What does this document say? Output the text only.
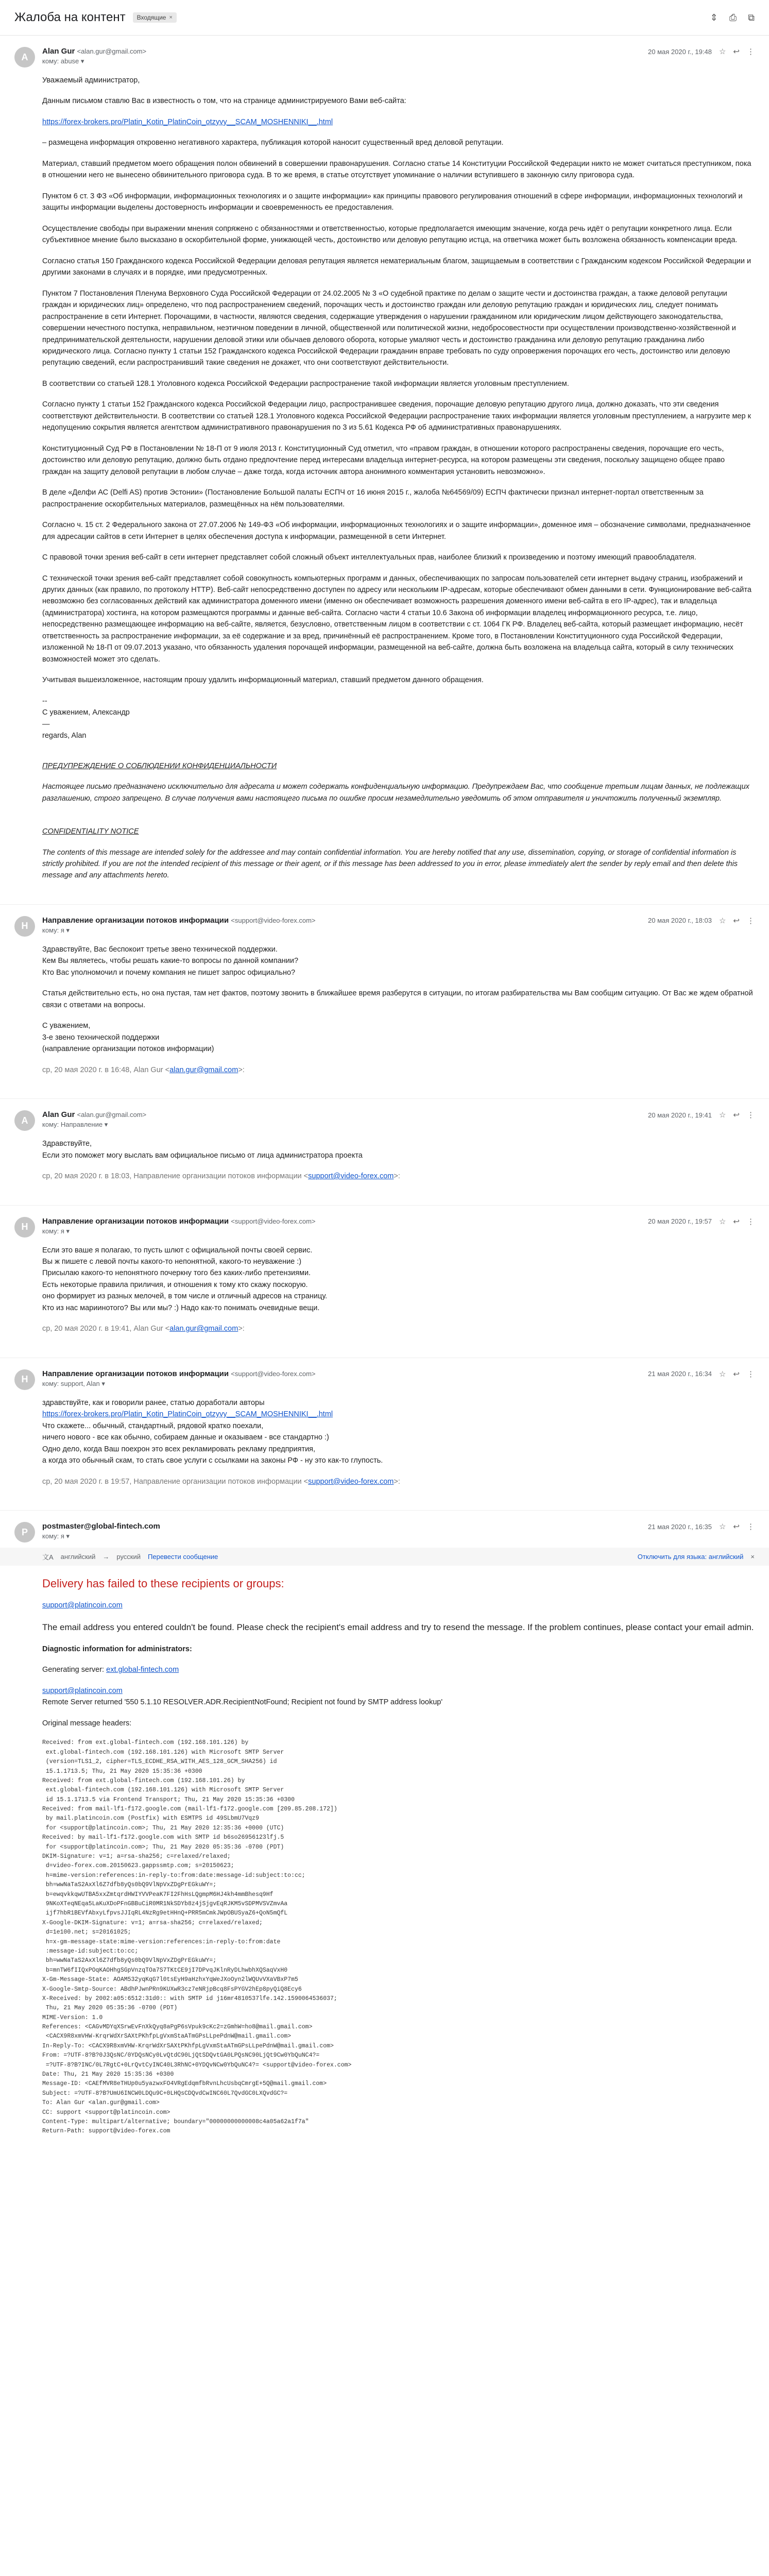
Жалоба на контент Входящие ×	⇕ ⎙ ⧉
A
Alan Gur <alan.gur@gmail.com>
кому: abuse ▾
20 мая 2020 г., 19:48 ☆ ↩ ⋮

Уважаемый администратор,

Данным письмом ставлю Вас в известность о том, что на странице администрируемого Вами веб-сайта:

https://forex-brokers.pro/Platin_Kotin_PlatinCoin_otzyvy__SCAM_MOSHENNIKI__.html

– размещена информация откровенно негативного характера, публикация которой наносит существенный вред деловой репутации.

Материал, ставший предметом моего обращения полон обвинений в совершении правонарушения. Согласно статье 14 Конституции Российской Федерации никто не может считаться преступником, пока в отношении него не вынесено обвинительного приговора суда. В то же время, в статье отсутствует упоминание о наличии вступившего в законную силу приговора суда.

Пунктом 6 ст. 3 ФЗ «Об информации, информационных технологиях и о защите информации» как принципы правового регулирования отношений в сфере информации, информационных технологий и защиты информации выделены достоверность информации и своевременность ее предоставления.

Осуществление свободы при выражении мнения сопряжено с обязанностями и ответственностью, которые предполагается имеющим значение, когда речь идёт о репутации конкретного лица. Если субъективное мнение было высказано в оскорбительной форме, унижающей честь, достоинство или деловую репутацию истца, на ответчика может быть возложена обязанность компенсации вреда.

Согласно статья 150 Гражданского кодекса Российской Федерации деловая репутация является нематериальным благом, защищаемым в соответствии с Гражданским кодексом Российской Федерации и другими законами в случаях и в порядке, ими предусмотренных.

Пунктом 7 Постановления Пленума Верховного Суда Российской Федерации от 24.02.2005 № 3 «О судебной практике по делам о защите чести и достоинства граждан, а также деловой репутации граждан и юридических лиц» определено, что под распространением сведений, порочащих честь и достоинство граждан или деловую репутацию граждан и юридических лиц, следует понимать распространение в сети Интернет. Порочащими, в частности, являются сведения, содержащие утверждения о нарушении гражданином или юридическим лицом действующего законодательства, совершении нечестного поступка, неправильном, неэтичном поведении в личной, общественной или политической жизни, недобросовестности при осуществлении производственно-хозяйственной и предпринимательской деятельности, нарушении деловой этики или обычаев делового оборота, которые умаляют честь и достоинство гражданина или деловую репутацию гражданина либо юридического лица. Согласно пункту 1 статьи 152 Гражданского кодекса Российской Федерации гражданин вправе требовать по суду опровержения порочащих его честь, достоинство или деловую репутацию сведений, если распространивший такие сведения не докажет, что они соответствуют действительности.

В соответствии со статьей 128.1 Уголовного кодекса Российской Федерации распространение такой информации является уголовным преступлением.

Согласно пункту 1 статьи 152 Гражданского кодекса Российской Федерации лицо, распространившее сведения, порочащие деловую репутацию другого лица, должно доказать, что эти сведения соответствуют действительности. В соответствии со статьей 128.1 Уголовного кодекса Российской Федерации распространение таких информации является уголовным преступлением, а нагрузите мер к недопущению сокрытия является агентством административного правонарушения по 3 из 5.61 Кодекса РФ об административных правонарушениях.

Конституционный Суд РФ в Постановлении № 18-П от 9 июля 2013 г. Конституционный Суд отметил, что «правом граждан, в отношении которого распространены сведения, порочащие его честь, достоинство или деловую репутацию, должно быть отдано предпочтение перед интересами владельца интернет-ресурса, на котором размещены эти сведения, поскольку защищено общее право граждан на защиту деловой репутации в любом случае – даже тогда, когда источник автора анонимного комментария установить невозможно».

В деле «Делфи АС (Delfi AS) против Эстонии» (Постановление Большой палаты ЕСПЧ от 16 июня 2015 г., жалоба №64569/09) ЕСПЧ фактически признал интернет-портал ответственным за распространение оскорбительных материалов, размещённых на нём пользователями.

Согласно ч. 15 ст. 2 Федерального закона от 27.07.2006 № 149-ФЗ «Об информации, информационных технологиях и о защите информации», доменное имя – обозначение символами, предназначенное для адресации сайтов в сети Интернет в целях обеспечения доступа к информации, размещенной в сети Интернет.

С правовой точки зрения веб-сайт в сети интернет представляет собой сложный объект интеллектуальных прав, наиболее близкий к произведению и поэтому имеющий правообладателя.

С технической точки зрения веб-сайт представляет собой совокупность компьютерных программ и данных, обеспечивающих по запросам пользователей сети интернет выдачу страниц, изображений и других данных (как правило, по протоколу HTTP). Веб-сайт непосредственно доступен по адресу или нескольким IP-адресам, которые обеспечивают обмен данными в сети. Функционирование веб-сайта невозможно без согласованных действий как администратора доменного имени (именно он обеспечивает возможность разрешения доменного имени веб-сайта в его IP-адрес), так и владельца (администратора) хостинга, на котором размещаются программы и данные веб-сайта. Согласно части 4 статьи 10.6 Закона об информации владелец информационного ресурса, т.е. лицо, непосредственно размещающее информацию на веб-сайте, является, безусловно, ответственным лицом в соответствии с ст. 1064 ГК РФ. Владелец веб-сайта, который размещает информацию, несёт ответственность за распространение информации, за её содержание и за вред, причинённый её распространением. Кроме того, в Постановлении Конституционного суда Российской Федерации, изложенной № 18-П от 09.07.2013 указано, что обязанность удаления порочащей информации, размещенной на веб-сайте, должна быть возложена на владельца сайта, который в силу технических возможностей может это сделать.

Учитывая вышеизложенное, настоящим прошу удалить информационный материал, ставший предметом данного обращения.

--
С уважением, Александр
—

regards, Alan

ПРЕДУПРЕЖДЕНИЕ О СОБЛЮДЕНИИ КОНФИДЕНЦИАЛЬНОСТИ

Настоящее письмо предназначено исключительно для адресата и может содержать конфиденциальную информацию. Предупреждаем Вас, что сообщение третьим лицам данных, не подлежащих разглашению, строго запрещено. В случае получения вами настоящего письма по ошибке просим незамедлительно уведомить об этом отправителя и уничтожить полученный экземпляр.

CONFIDENTIALITY NOTICE

The contents of this message are intended solely for the addressee and may contain confidential information. You are hereby notified that any use, dissemination, copying, or storage of confidential information is strictly prohibited. If you are not the intended recipient of this message or their agent, or if this message has been addressed to you in error, please immediately alert the sender by reply email and then delete this message and any attachments hereto.

Н
Направление организации потоков информации <support@video-forex.com>
кому: я ▾
20 мая 2020 г., 18:03 ☆ ↩ ⋮
Здравствуйте, Вас беспокоит третье звено технической поддержки.
Кем Вы являетесь, чтобы решать какие-то вопросы по данной компании?

Кто Вас уполномочил и почему компания не пишет запрос официально?

Статья действительно есть, но она пустая, там нет фактов, поэтому звонить в ближайшее время разберутся в ситуации, по итогам разбирательства мы Вам сообщим ситуацию. От Вас же ждем обратной связи с ответами на вопросы.

С уважением,
3-е звено технической поддержки

(направление организации потоков информации)

ср, 20 мая 2020 г. в 16:48, Alan Gur <alan.gur@gmail.com>:

A
Alan Gur <alan.gur@gmail.com>
кому: Направление ▾
20 мая 2020 г., 19:41 ☆ ↩ ⋮
Здравствуйте,

Если это поможет могу выслать вам официальное письмо от лица администратора проекта

ср, 20 мая 2020 г. в 18:03, Направление организации потоков информации <support@video-forex.com>:

Н
Направление организации потоков информации <support@video-forex.com>
кому: я ▾
20 мая 2020 г., 19:57 ☆ ↩ ⋮
Если это ваше я полагаю, то пусть шлют с официальной почты своей сервис.
Вы ж пишете с левой почты какого-то непонятной, какого-то неуважение :)
Присылаю какого-то непонятного почеркну того без каких-либо претензиями.
Есть некоторые правила приличия, и отношения к тому кто скажу поскорую.
оно формирует из разных мелочей, в том числе и отличный адресов на страницу.

Кто из нас мариинотого? Вы или мы? :) Надо как-то понимать очевидные вещи.

ср, 20 мая 2020 г. в 19:41, Alan Gur <alan.gur@gmail.com>:

Н
Направление организации потоков информации <support@video-forex.com>
кому: support, Alan ▾
21 мая 2020 г., 16:34 ☆ ↩ ⋮
здравствуйте, как и говорили ранее, статью доработали авторы
https://forex-brokers.pro/Platin_Kotin_PlatinCoin_otzyvy__SCAM_MOSHENNIKI__.html
Что скажете... обычный, стандартный, рядовой кратко поехали,
ничего нового - все как обычно, собираем данные и оказываем - все стандартно :)
Одно дело, когда Ваш поехрон это всех рекламировать рекламу предприятия,

а когда это обычный скам, то стать свое услуги с ссылками на законы РФ - ну это как-то глупость.

ср, 20 мая 2020 г. в 19:57, Направление организации потоков информации <support@video-forex.com>:

P
postmaster@global-fintech.com
кому: я ▾
21 мая 2020 г., 16:35 ☆ ↩ ⋮
文A английский → русский Перевести сообщение	Отключить для языка: английский ×
Delivery has failed to these recipients or groups:

support@platincoin.com

The email address you entered couldn't be found. Please check the recipient's email address and try to resend the message. If the problem continues, please contact your email admin.

Diagnostic information for administrators:

Generating server: ext.global-fintech.com

support@platincoin.com

Remote Server returned '550 5.1.10 RESOLVER.ADR.RecipientNotFound; Recipient not found by SMTP address lookup'

Original message headers:

Received: from ext.global-fintech.com (192.168.101.126) by
ext.global-fintech.com (192.168.101.126) with Microsoft SMTP Server
(version=TLS1_2, cipher=TLS_ECDHE_RSA_WITH_AES_128_GCM_SHA256) id
15.1.1713.5; Thu, 21 May 2020 15:35:36 +0300
Received: from ext.global-fintech.com (192.168.101.26) by
ext.global-fintech.com (192.168.101.126) with Microsoft SMTP Server
id 15.1.1713.5 via Frontend Transport; Thu, 21 May 2020 15:35:36 +0300
Received: from mail-lf1-f172.google.com (mail-lf1-f172.google.com [209.85.208.172])
by mail.platincoin.com (Postfix) with ESMTPS id 49SLbmU7Vqz9
for <support@platincoin.com>; Thu, 21 May 2020 12:35:36 +0000 (UTC)
Received: by mail-lf1-f172.google.com with SMTP id b6so26956123lfj.5
for <support@platincoin.com>; Thu, 21 May 2020 05:35:36 -0700 (PDT)
DKIM-Signature: v=1; a=rsa-sha256; c=relaxed/relaxed;
d=video-forex.com.20150623.gappssmtp.com; s=20150623;
h=mime-version:references:in-reply-to:from:date:message-id:subject:to:cc;
bh=wwNaTaS2AxXl6Z7dfb8yQs0bQ9VlNpVxZDgPrEGkuWY=;
b=ewqvkkqwUTBA5xxZmtqrdHWIYVVPeaK7FI2FhHsLQgmpM6HJ4kh4mmBhesq9Hf
9NKoXTeqNEqa5LaKuXDoPFnGBBuCiR0MR1NkSDYb8z4jSjgvEqRJKM5vSDPMVSVZmvAa
ijf7hbR1BEVfAbxyLfpvsJJIqRL4NzRg9etHHnQ+PRR5mCmkJWpOBUSyaZ6+QoN5mQfL
X-Google-DKIM-Signature: v=1; a=rsa-sha256; c=relaxed/relaxed;
d=1e100.net; s=20161025;
h=x-gm-message-state:mime-version:references:in-reply-to:from:date
:message-id:subject:to:cc;
bh=wwNaTaS2AxXl6Z7dfb8yQs0bQ9VlNpVxZDgPrEGkuWY=;
b=mnTW6fIIQxPOqKAOHhgSGpVnzqTOa7S7TKtCE9jI7DPvqJKlnRyDLhwbhXQSaqVxH0
X-Gm-Message-State: AOAM532yqKqG7l0tsEyH9aHzhxYqWeJXoOyn2lWQUvVXaVBxP7m5
X-Google-Smtp-Source: ABdhPJwnPRn9KUXwR3cz7eNRjpBcq8FsPYGV2hEp8pyQiQ8Ecy6
X-Received: by 2002:a05:6512:31d0:: with SMTP id j16mr4810537lfe.142.1590064536037;
Thu, 21 May 2020 05:35:36 -0700 (PDT)
MIME-Version: 1.0
References: <CAGvMDYqXSrwEvFnXkQyq8aPgP6sVpuk9cKc2=zGmhW=ho8@mail.gmail.com>
<CACX9R8xmVHW-KrqrWdXrSAXtPKhfpLgVxmStaATmGPsLLpePdnW@mail.gmail.com>
In-Reply-To: <CACX9R8xmVHW-KrqrWdXrSAXtPKhfpLgVxmStaATmGPsLLpePdnW@mail.gmail.com>
From: =?UTF-8?B?0J3QsNC/0YDQsNCy0LvQtdC90LjQtSDQvtGA0LPQsNC90LjQt9Cw0YbQuNC4?=
=?UTF-8?B?INC/0L7RgtC+0LrQvtCyINC40L3RhNC+0YDQvNCw0YbQuNC4?= <support@video-forex.com>
Date: Thu, 21 May 2020 15:35:36 +0300
Message-ID: <CAEfMVR8eTHUp0u5yazwxFO4VRgEdqmfbRvnLhcUsbqCmrgE+5Q@mail.gmail.com>
Subject: =?UTF-8?B?UmU6INCW0LDQu9C+0LHQsCDQvdCwINC60L7QvdGC0LXQvdGC?=
To: Alan Gur <alan.gur@gmail.com>
CC: support <support@platincoin.com>
Content-Type: multipart/alternative; boundary="00000000000008c4a05a62a1f7a"
Return-Path: support@video-forex.com
